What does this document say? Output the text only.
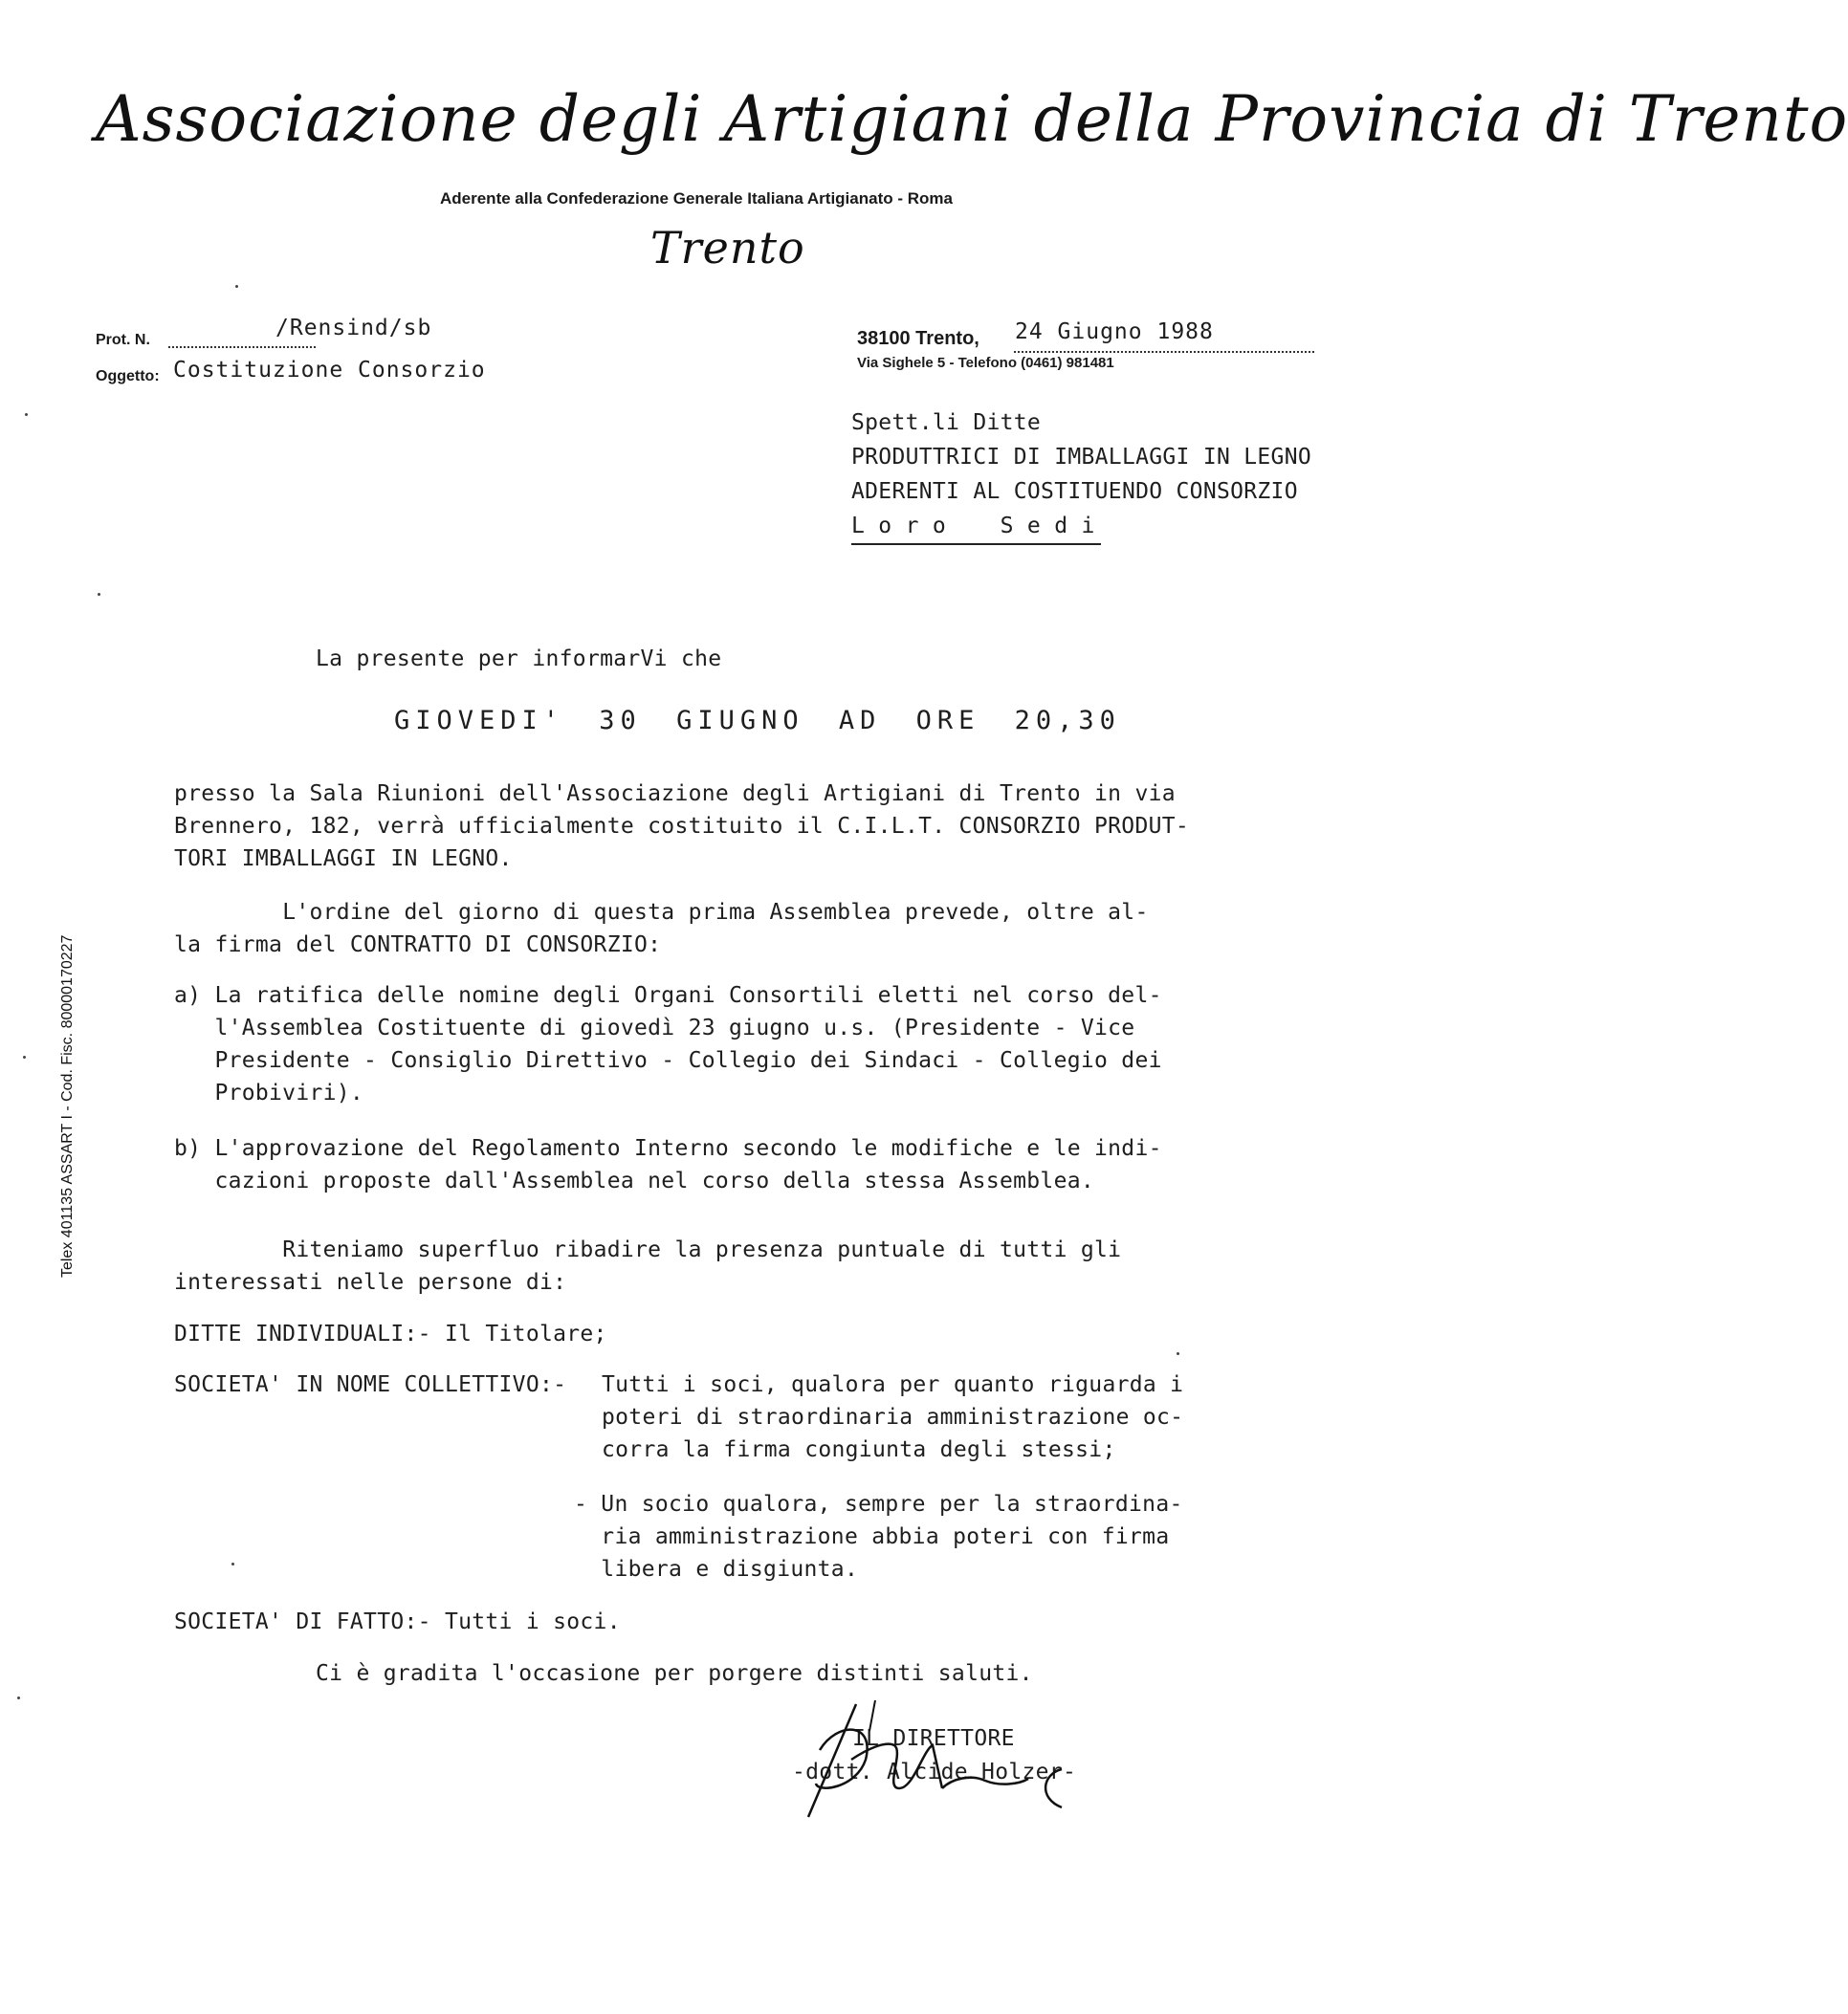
Associazione degli Artigiani della Provincia di Trento
Aderente alla Confederazione Generale Italiana Artigianato - Roma
Trento
Prot. N.	/Rensind/sb
Oggetto: Costituzione Consorzio
38100 Trento, 24 Giugno 1988
Via Sighele 5 - Telefono (0461) 981481
Spett.li Ditte
PRODUTTRICI DI IMBALLAGGI IN LEGNO
ADERENTI AL COSTITUENDO CONSORZIO
L o r o    S e d i
La presente per informarVi che
GIOVEDI' 30 GIUGNO AD ORE 20,30
presso la Sala Riunioni dell'Associazione degli Artigiani di Trento in via
Brennero, 182, verrà ufficialmente costituito il C.I.L.T. CONSORZIO PRODUT-
TORI IMBALLAGGI IN LEGNO.
L'ordine del giorno di questa prima Assemblea prevede, oltre al-
la firma del CONTRATTO DI CONSORZIO:
a) La ratifica delle nomine degli Organi Consortili eletti nel corso del-
l'Assemblea Costituente di giovedì 23 giugno u.s. (Presidente - Vice
Presidente - Consiglio Direttivo - Collegio dei Sindaci - Collegio dei
Probiviri).
b) L'approvazione del Regolamento Interno secondo le modifiche e le indi-
cazioni proposte dall'Assemblea nel corso della stessa Assemblea.
Riteniamo superfluo ribadire la presenza puntuale di tutti gli
interessati nelle persone di:
DITTE INDIVIDUALI:- Il Titolare;
SOCIETA' IN NOME COLLETTIVO:- Tutti i soci, qualora per quanto riguarda i
poteri di straordinaria amministrazione oc-
corra la firma congiunta degli stessi;
- Un socio qualora, sempre per la straordina-
ria amministrazione abbia poteri con firma
libera e disgiunta.
SOCIETA' DI FATTO:- Tutti i soci.
Ci è gradita l'occasione per porgere distinti saluti.
IL DIRETTORE
-dott. Alcide Holzer-
Telex 401135 ASSART I - Cod. Fisc. 80000170227
